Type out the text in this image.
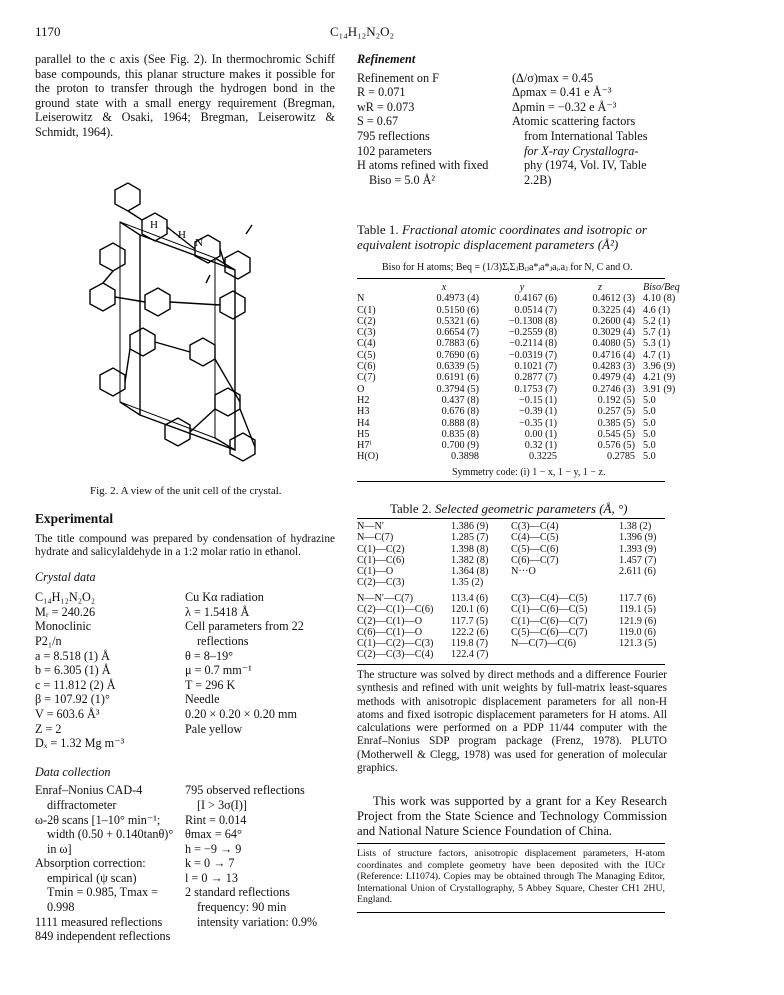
1170	C₁₄H₁₂N₂O₂

parallel to the c axis (See Fig. 2). In thermochromic Schiff base compounds, this planar structure makes it possible for the proton to transfer through the hydrogen bond in the ground state with a small energy requirement (Bregman, Leiserowitz & Osaki, 1964; Bregman, Leiserowitz & Schmidt, 1964).

H
N
H
Fig. 2. A view of the unit cell of the crystal.

Experimental

The title compound was prepared by condensation of hydrazine hydrate and salicylaldehyde in a 1:2 molar ratio in ethanol.

Crystal data

C₁₄H₁₂N₂O₂

Mᵣ = 240.26

Monoclinic

P2₁/n

a = 8.518 (1) Å

b = 6.305 (1) Å

c = 11.812 (2) Å

β = 107.92 (1)°

V = 603.6 Å³

Z = 2

Dₓ = 1.32 Mg m⁻³

Cu Kα radiation

λ = 1.5418 Å

Cell parameters from 22

reflections

θ = 8–19°

μ = 0.7 mm⁻¹

T = 296 K

Needle

0.20 × 0.20 × 0.20 mm

Pale yellow

Data collection

Enraf–Nonius CAD-4

diffractometer

ω-2θ scans [1–10° min⁻¹;

width (0.50 + 0.140tanθ)°

in ω]

Absorption correction:

empirical (ψ scan)

Tmin = 0.985, Tmax =

0.998

1111 measured reflections

849 independent reflections

795 observed reflections

[I > 3σ(I)]

Rint = 0.014

θmax = 64°

h = −9 → 9

k = 0 → 7

l = 0 → 13

2 standard reflections

frequency: 90 min

intensity variation: 0.9%

Refinement

Refinement on F

R = 0.071

wR = 0.073

S = 0.67

795 reflections

102 parameters

H atoms refined with fixed

Biso = 5.0 Å²

(Δ/σ)max = 0.45

Δρmax = 0.41 e Å⁻³

Δρmin = −0.32 e Å⁻³

Atomic scattering factors

from International Tables

for X-ray Crystallogra-

phy (1974, Vol. IV, Table

2.2B)

Table 1. Fractional atomic coordinates and isotropic or equivalent isotropic displacement parameters (Å²)
Biso for H atoms; Beq = (1/3)ΣᵢΣⱼBᵢⱼa*ᵢa*ⱼaᵢ.aⱼ for N, C and O.
	x	y	z	Biso/Beq
N	0.4973 (4)	0.4167 (6)	0.4612 (3)	4.10 (8)
C(1)	0.5150 (6)	0.0514 (7)	0.3225 (4)	4.6 (1)
C(2)	0.5321 (6)	−0.1308 (8)	0.2600 (4)	5.2 (1)
C(3)	0.6654 (7)	−0.2559 (8)	0.3029 (4)	5.7 (1)
C(4)	0.7883 (6)	−0.2114 (8)	0.4080 (5)	5.3 (1)
C(5)	0.7690 (6)	−0.0319 (7)	0.4716 (4)	4.7 (1)
C(6)	0.6339 (5)	0.1021 (7)	0.4283 (3)	3.96 (9)
C(7)	0.6191 (6)	0.2877 (7)	0.4979 (4)	4.21 (9)
O	0.3794 (5)	0.1753 (7)	0.2746 (3)	3.91 (9)
H2	0.437 (8)	−0.15 (1)	0.192 (5)	5.0
H3	0.676 (8)	−0.39 (1)	0.257 (5)	5.0
H4	0.888 (8)	−0.35 (1)	0.385 (5)	5.0
H5	0.835 (8)	0.00 (1)	0.545 (5)	5.0
H7ⁱ	0.700 (9)	0.32 (1)	0.576 (5)	5.0
H(O)	0.3898	0.3225	0.2785	5.0
Symmetry code: (i) 1 − x, 1 − y, 1 − z.
Table 2. Selected geometric parameters (Å, °)
N—N′	1.386 (9)	C(3)—C(4)	1.38 (2)
N—C(7)	1.285 (7)	C(4)—C(5)	1.396 (9)
C(1)—C(2)	1.398 (8)	C(5)—C(6)	1.393 (9)
C(1)—C(6)	1.382 (8)	C(6)—C(7)	1.457 (7)
C(1)—O	1.364 (8)	N···O	2.611 (6)
C(2)—C(3)	1.35 (2)		
N—N′—C(7)	113.4 (6)	C(3)—C(4)—C(5)	117.7 (6)
C(2)—C(1)—C(6)	120.1 (6)	C(1)—C(6)—C(5)	119.1 (5)
C(2)—C(1)—O	117.7 (5)	C(1)—C(6)—C(7)	121.9 (6)
C(6)—C(1)—O	122.2 (6)	C(5)—C(6)—C(7)	119.0 (6)
C(1)—C(2)—C(3)	119.8 (7)	N—C(7)—C(6)	121.3 (5)
C(2)—C(3)—C(4)	122.4 (7)		

The structure was solved by direct methods and a difference Fourier synthesis and refined with unit weights by full-matrix least-squares methods with anisotropic displacement parameters for all non-H atoms and fixed isotropic displacement parameters for H atoms. All calculations were performed on a PDP 11/44 computer with the Enraf–Nonius SDP program package (Frenz, 1978). PLUTO (Motherwell & Clegg, 1978) was used for generation of molecular graphics.

This work was supported by a grant for a Key Research Project from the State Science and Technology Commission and National Nature Science Foundation of China.

Lists of structure factors, anisotropic displacement parameters, H-atom coordinates and complete geometry have been deposited with the IUCr (Reference: LI1074). Copies may be obtained through The Managing Editor, International Union of Crystallography, 5 Abbey Square, Chester CH1 2HU, England.
